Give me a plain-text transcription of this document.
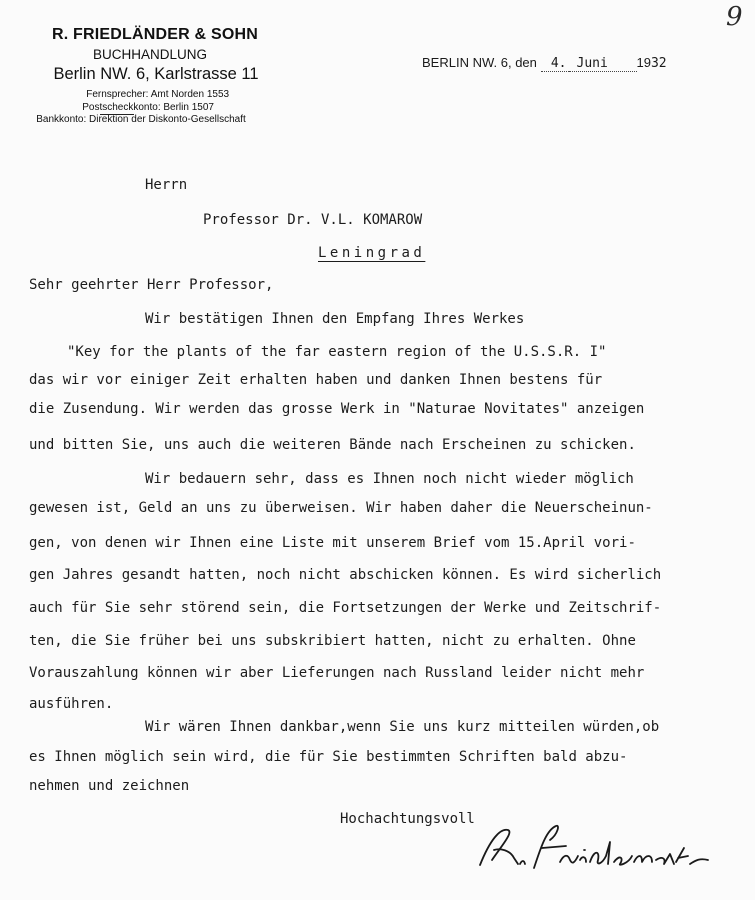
R. FRIEDLÄNDER & SOHN
BUCHHANDLUNG
Berlin NW. 6, Karlstrasse 11
Fernsprecher: Amt Norden 1553
Postscheckkonto: Berlin 1507
Bankkonto: Direktion der Diskonto-Gesellschaft
BERLIN NW. 6, den 4. Juni 1932
9
Herrn
Professor Dr. V.L. KOMAROW
Leningrad
Sehr geehrter Herr Professor,
Wir bestätigen Ihnen den Empfang Ihres Werkes
"Key for the plants of the far eastern region of the U.S.S.R. I"
das wir vor einiger Zeit erhalten haben und danken Ihnen bestens für
die Zusendung. Wir werden das grosse Werk in "Naturae Novitates" anzeigen
und bitten Sie, uns auch die weiteren Bände nach Erscheinen zu schicken.
Wir bedauern sehr, dass es Ihnen noch nicht wieder möglich
gewesen ist, Geld an uns zu überweisen. Wir haben daher die Neuerscheinun-
gen, von denen wir Ihnen eine Liste mit unserem Brief vom 15.April vori-
gen Jahres gesandt hatten, noch nicht abschicken können. Es wird sicherlich
auch für Sie sehr störend sein, die Fortsetzungen der Werke und Zeitschrif-
ten, die Sie früher bei uns subskribiert hatten, nicht zu erhalten. Ohne
Vorauszahlung können wir aber Lieferungen nach Russland leider nicht mehr
ausführen.
Wir wären Ihnen dankbar,wenn Sie uns kurz mitteilen würden,ob
es Ihnen möglich sein wird, die für Sie bestimmten Schriften bald abzu-
nehmen und zeichnen
Hochachtungsvoll
